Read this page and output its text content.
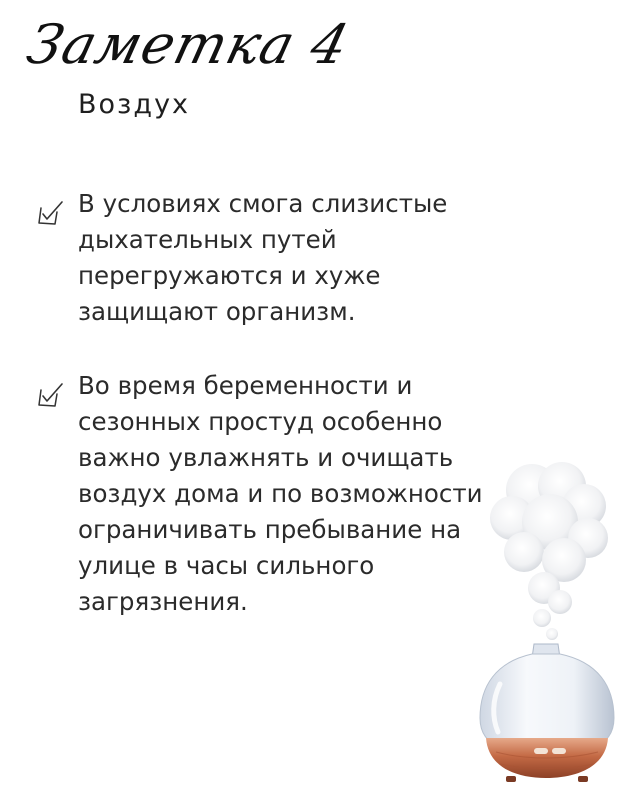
Заметка 4
Воздух
В условиях смога слизистые
дыхательных путей
перегружаются и хуже
защищают организм.
Во время беременности и
сезонных простуд особенно
важно увлажнять и очищать
воздух дома и по возможности
ограничивать пребывание на
улице в часы сильного
загрязнения.
